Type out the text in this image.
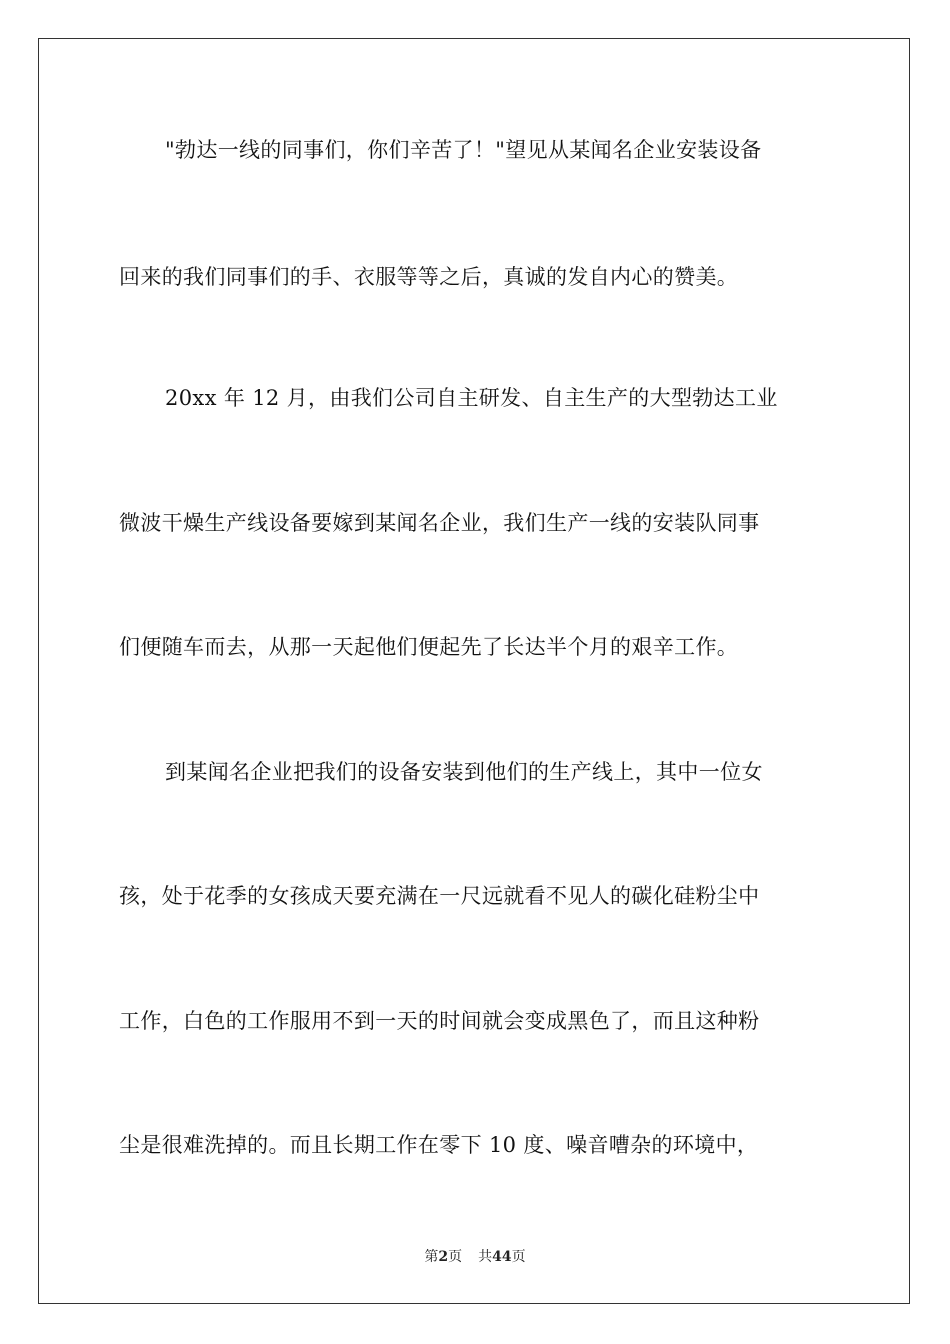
"勃达一线的同事们，你们辛苦了！"望见从某闻名企业安装设备
回来的我们同事们的手、衣服等等之后，真诚的发自内心的赞美。
20xx 年 12 月，由我们公司自主研发、自主生产的大型勃达工业
微波干燥生产线设备要嫁到某闻名企业，我们生产一线的安装队同事
们便随车而去，从那一天起他们便起先了长达半个月的艰辛工作。
到某闻名企业把我们的设备安装到他们的生产线上，其中一位女
孩，处于花季的女孩成天要充满在一尺远就看不见人的碳化硅粉尘中
工作，白色的工作服用不到一天的时间就会变成黑色了，而且这种粉
尘是很难洗掉的。而且长期工作在零下 10 度、噪音嘈杂的环境中，
第2页 共44页
